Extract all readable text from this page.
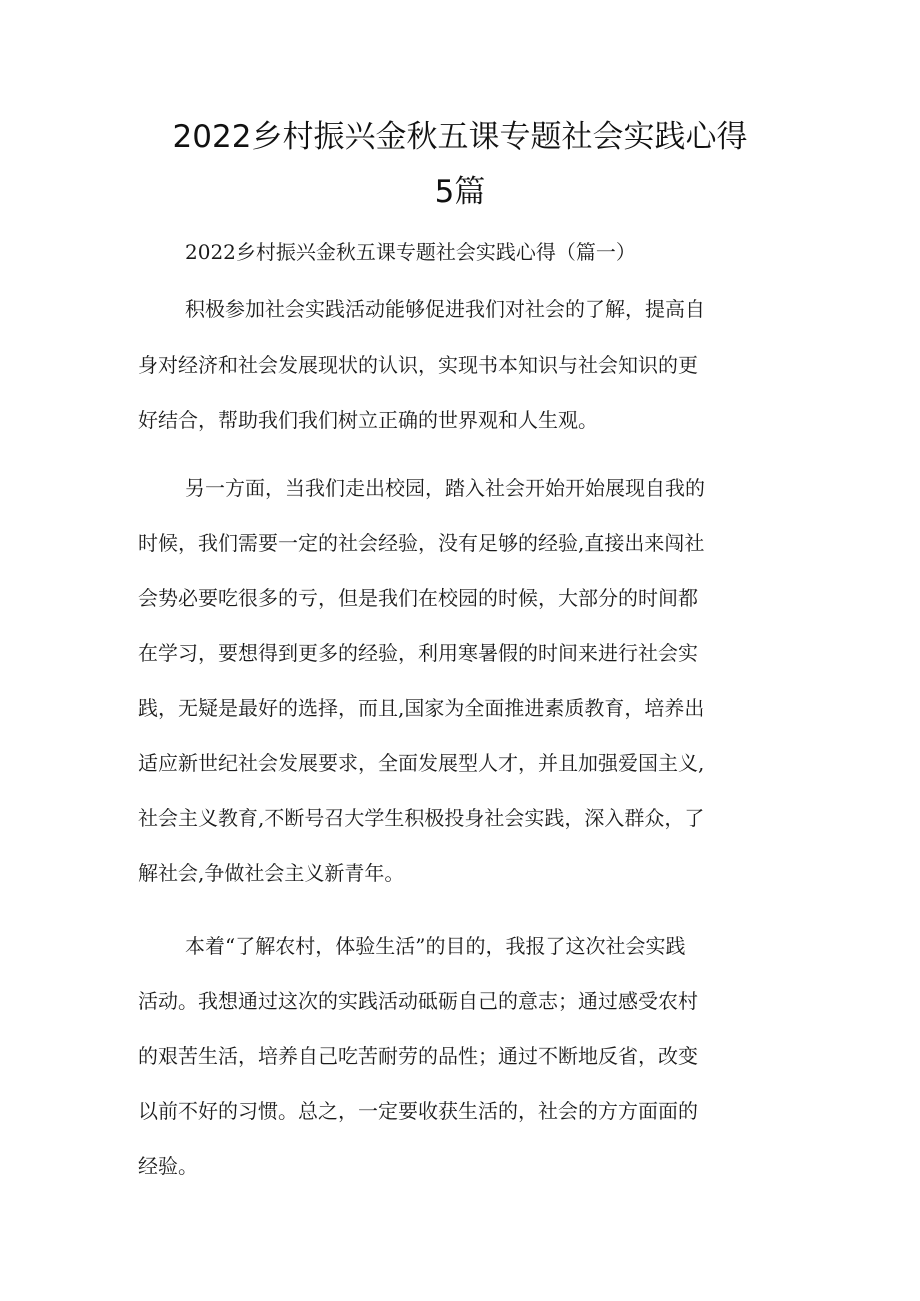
2022乡村振兴金秋五课专题社会实践心得
5篇

2022乡村振兴金秋五课专题社会实践心得（篇一）

积极参加社会实践活动能够促进我们对社会的了解，提高自
身对经济和社会发展现状的认识，实现书本知识与社会知识的更
好结合，帮助我们我们树立正确的世界观和人生观。
另一方面，当我们走出校园，踏入社会开始开始展现自我的
时候，我们需要一定的社会经验，没有足够的经验,直接出来闯社
会势必要吃很多的亏，但是我们在校园的时候，大部分的时间都
在学习，要想得到更多的经验，利用寒暑假的时间来进行社会实
践，无疑是最好的选择，而且,国家为全面推进素质教育，培养出
适应新世纪社会发展要求，全面发展型人才，并且加强爱国主义,
社会主义教育,不断号召大学生积极投身社会实践，深入群众，了
解社会,争做社会主义新青年。
本着“了解农村，体验生活”的目的，我报了这次社会实践
活动。我想通过这次的实践活动砥砺自己的意志；通过感受农村
的艰苦生活，培养自己吃苦耐劳的品性；通过不断地反省，改变
以前不好的习惯。总之，一定要收获生活的，社会的方方面面的
经验。
